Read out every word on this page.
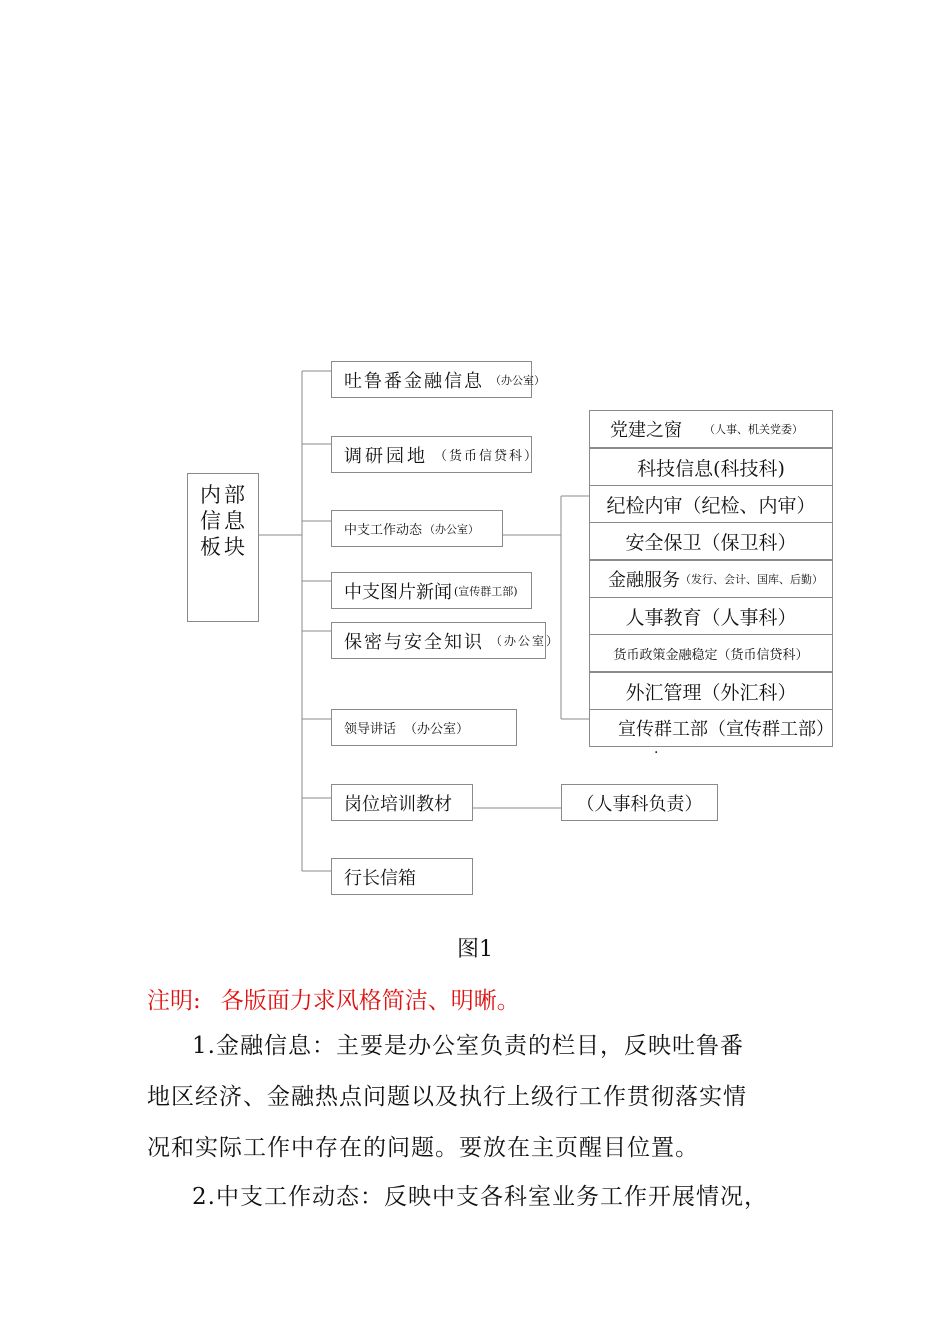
内部信息板块
吐鲁番金融信息 （办公室）
调研园地 （货币信贷科）
中支工作动态 （办公室）
中支图片新闻 (宣传群工部)
保密与安全知识 （办公室）
领导讲话 （办公室）
岗位培训教材
行长信箱
（人事科负责）
党建之窗 （人事、机关党委）
科技信息(科技科)
纪检内审（纪检、内审）
安全保卫（保卫科）
金融服务 （发行、会计、国库、后勤）
人事教育（人事科）
货币政策金融稳定（货币信贷科）
外汇管理（外汇科）
宣传群工部（宣传群工部）
·
图1
注明: 各版面力求风格简洁、明晰。
1.金融信息：主要是办公室负责的栏目，反映吐鲁番
地区经济、金融热点问题以及执行上级行工作贯彻落实情
况和实际工作中存在的问题。要放在主页醒目位置。
2.中支工作动态：反映中支各科室业务工作开展情况，
